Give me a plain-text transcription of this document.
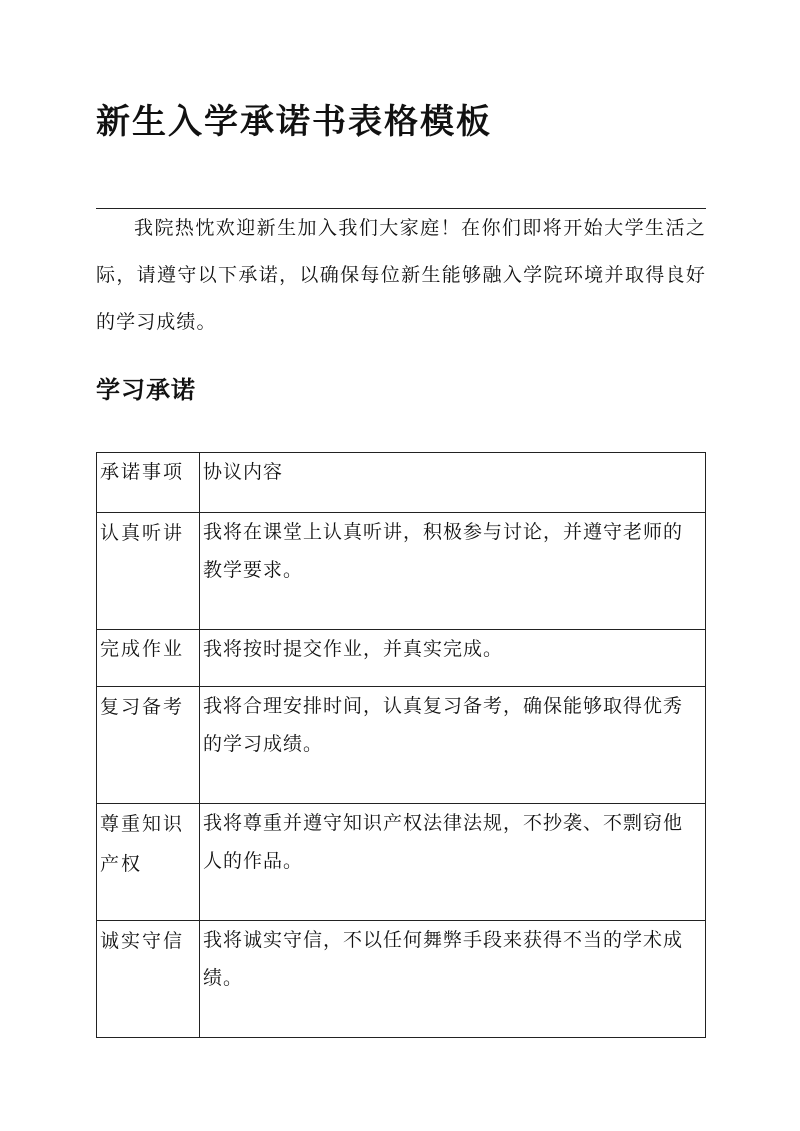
新生入学承诺书表格模板

我院热忱欢迎新生加入我们大家庭！在你们即将开始大学生活之际，请遵守以下承诺，以确保每位新生能够融入学院环境并取得良好的学习成绩。

学习承诺
承诺事项	协议内容

认真听讲	我将在课堂上认真听讲，积极参与讨论，并遵守老师的教学要求。

完成作业	我将按时提交作业，并真实完成。

复习备考	我将合理安排时间，认真复习备考，确保能够取得优秀的学习成绩。

尊重知识产权	我将尊重并遵守知识产权法律法规，不抄袭、不剽窃他人的作品。

诚实守信	我将诚实守信，不以任何舞弊手段来获得不当的学术成绩。
